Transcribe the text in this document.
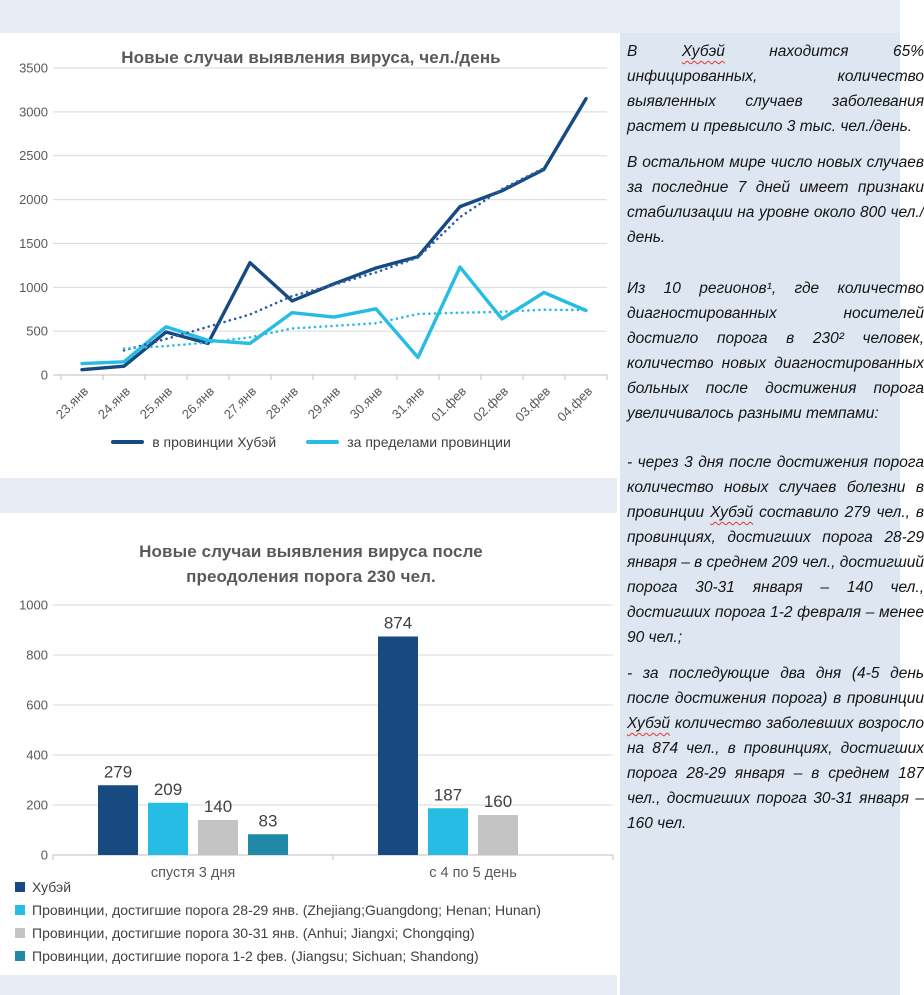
0
500
1000
1500
2000
2500
3000
3500
23.янв 24.янв 25.янв 26.янв 27.янв 28.янв 29.янв 30.янв 31.янв 01.фев 02.фев 03.фев 04.фев
Новые случаи выявления вируса, чел./день
в провинции Хубэй	за пределами провинции
Новые случаи выявления вируса после
преодоления порога 230 чел.
0
200
400
600
800
1000
279
209
140
83
спустя 3 дня
874
187 160
с 4 по 5 день
Хубэй
Провинции, достигшие порога 28-29 янв. (Zhejiang;Guangdong; Henan; Hunan)
Провинции, достигшие порога 30-31 янв. (Anhui; Jiangxi; Chongqing)
Провинции, достигшие порога 1-2 фев. (Jiangsu; Sichuan; Shandong)

В Хубэй находится 65% инфицированных, количество выявленных случаев заболевания растет и превысило 3 тыс. чел./день.

В остальном мире число новых случаев за последние 7 дней имеет признаки стабилизации на уровне около 800 чел./день.

Из 10 регионов¹, где количество диагностированных носителей достигло порога в 230² человек, количество новых диагностированных больных после достижения порога увеличивалось разными темпами:

- через 3 дня после достижения порога количество новых случаев болезни в провинции Хубэй составило 279 чел., в провинциях, достигших порога 28-29 января – в среднем 209 чел., достигший порога 30-31 января – 140 чел., достигших порога 1-2 февраля – менее 90 чел.;

- за последующие два дня (4-5 день после достижения порога) в провинции Хубэй количество заболевших возросло на 874 чел., в провинциях, достигших порога 28-29 января – в среднем 187 чел., достигших порога 30-31 января – 160 чел.
